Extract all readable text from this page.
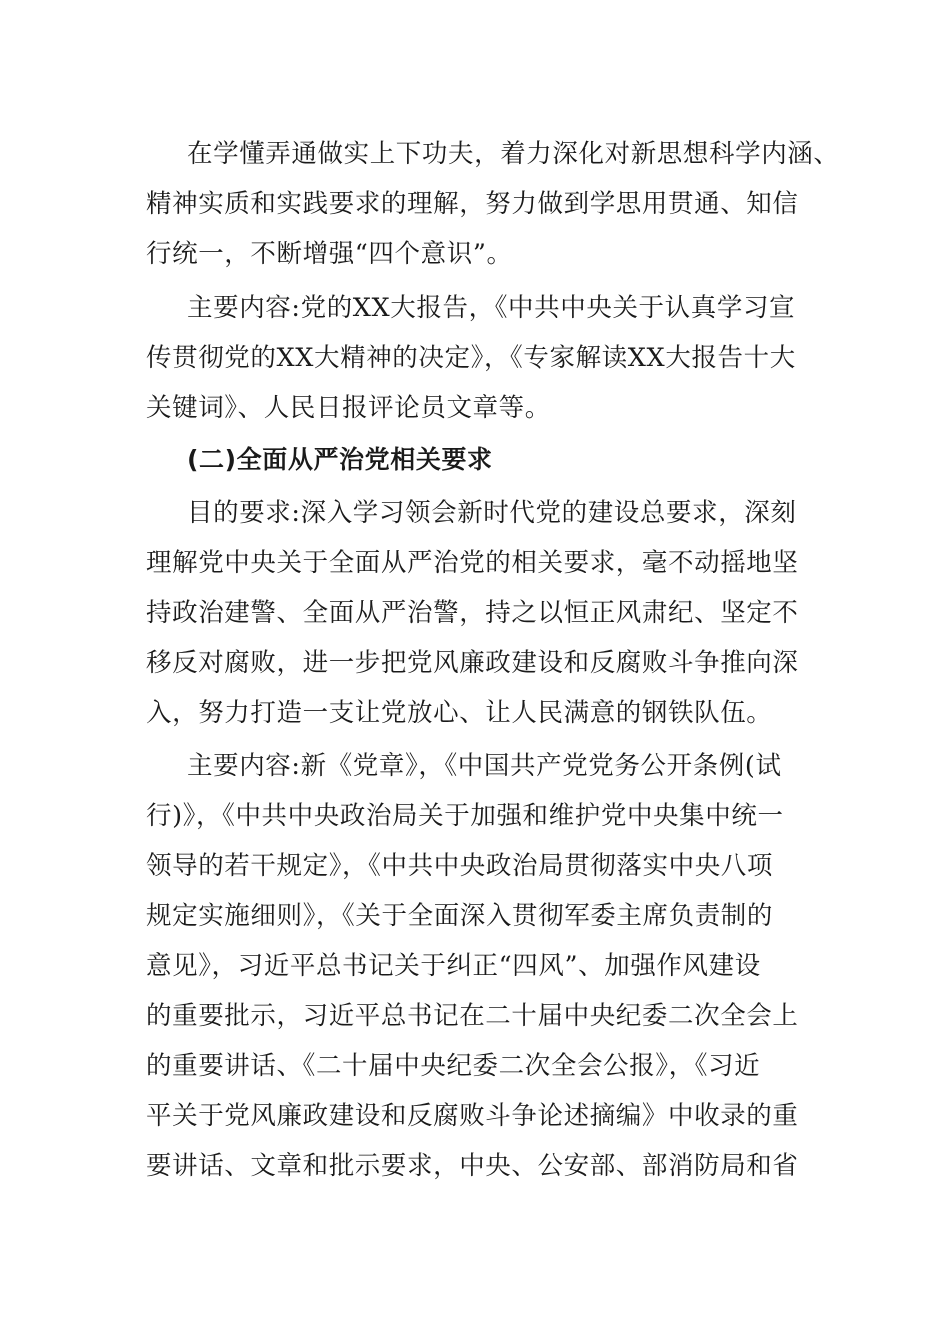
在学懂弄通做实上下功夫，着力深化对新思想科学内涵、
精神实质和实践要求的理解，努力做到学思用贯通、知信
行统一，不断增强“四个意识”。
主要内容:党的XX大报告，《中共中央关于认真学习宣
传贯彻党的XX大精神的决定》，《专家解读XX大报告十大
关键词》、人民日报评论员文章等。
(二)全面从严治党相关要求
目的要求:深入学习领会新时代党的建设总要求，深刻
理解党中央关于全面从严治党的相关要求，毫不动摇地坚
持政治建警、全面从严治警，持之以恒正风肃纪、坚定不
移反对腐败，进一步把党风廉政建设和反腐败斗争推向深
入，努力打造一支让党放心、让人民满意的钢铁队伍。
主要内容:新《党章》，《中国共产党党务公开条例(试
行)》，《中共中央政治局关于加强和维护党中央集中统一
领导的若干规定》，《中共中央政治局贯彻落实中央八项
规定实施细则》，《关于全面深入贯彻军委主席负责制的
意见》，习近平总书记关于纠正“四风”、加强作风建设
的重要批示，习近平总书记在二十届中央纪委二次全会上
的重要讲话、《二十届中央纪委二次全会公报》，《习近
平关于党风廉政建设和反腐败斗争论述摘编》中收录的重
要讲话、文章和批示要求，中央、公安部、部消防局和省
